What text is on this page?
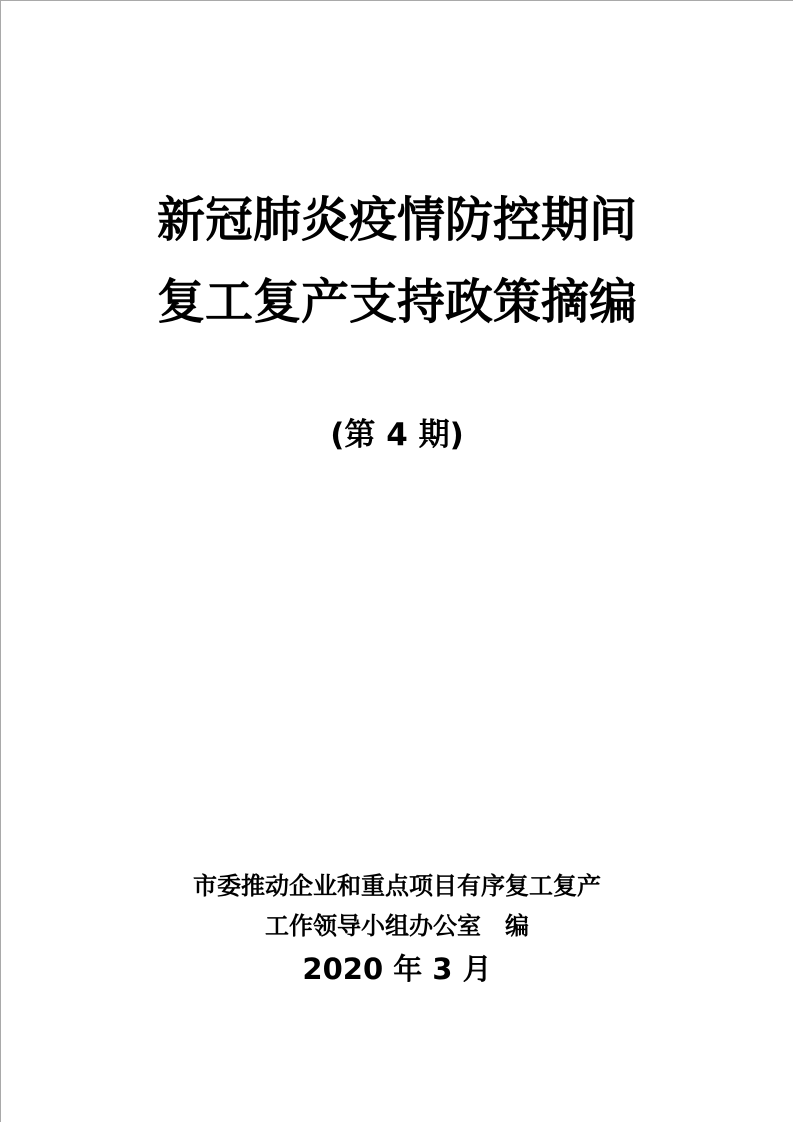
新冠肺炎疫情防控期间
复工复产支持政策摘编
(第 4 期)
市委推动企业和重点项目有序复工复产
工作领导小组办公室　编
2020 年 3 月
